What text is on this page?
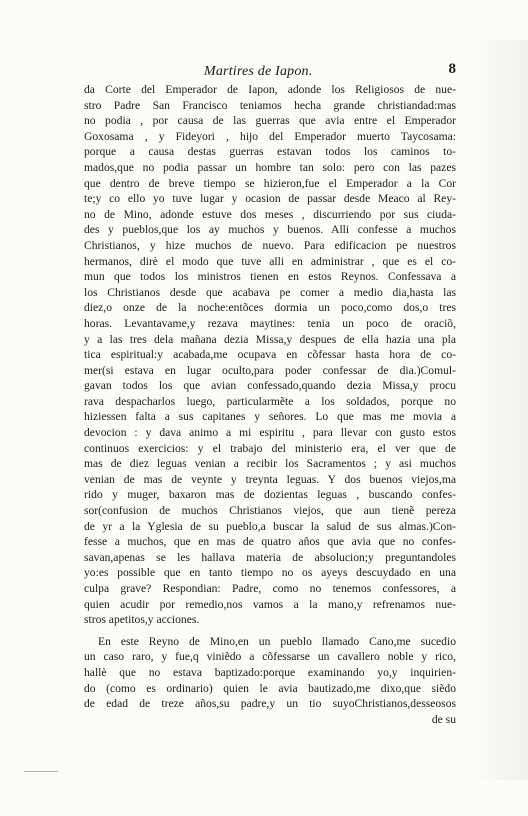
Martires de Iapon.	8
da Corte del Emperador de Iapon, adonde los Religiosos de nue-
stro Padre San Francisco teniamos hecha grande christiandad:mas
no podia , por causa de las guerras que avia entre el Emperador
Goxosama , y Fideyori , hijo del Emperador muerto Taycosama:
porque a causa destas guerras estavan todos los caminos to-
mados,que no podia passar un hombre tan solo: pero con las pazes
que dentro de breve tiempo se hizieron,fue el Emperador a la Cor
te;y co ello yo tuve lugar y ocasion de passar desde Meaco al Rey-
no de Mino, adonde estuve dos meses , discurriendo por sus ciuda-
des y pueblos,que los ay muchos y buenos. Alli confesse a muchos
Christianos, y hize muchos de nuevo. Para edificacion pe nuestros
hermanos, dirè el modo que tuve alli en administrar , que es el co-
mun que todos los ministros tienen en estos Reynos. Confessava a
los Christianos desde que acabava pe comer a medio dia,hasta las
diez,o onze de la noche:entõces dormia un poco,como dos,o tres
horas. Levantavame,y rezava maytines: tenia un poco de oraciõ,
y a las tres dela mañana dezia Missa,y despues de ella hazia una pla
tica espiritual:y acabada,me ocupava en cõfessar hasta hora de co-
mer(si estava en lugar oculto,para poder confessar de dia.)Comul-
gavan todos los que avian confessado,quando dezia Missa,y procu
rava despacharlos luego, particularmẽte a los soldados, porque no
hiziessen falta a sus capitanes y señores. Lo que mas me movia a
devocion : y dava animo a mi espiritu , para llevar con gusto estos
continuos exercicios: y el trabajo del ministerio era, el ver que de
mas de diez leguas venian a recibir los Sacramentos ; y asi muchos
venian de mas de veynte y treynta leguas. Y dos buenos viejos,ma
rido y muger, baxaron mas de dozientas leguas , buscando confes-
sor(confusion de muchos Christianos viejos, que aun tienẽ pereza
de yr a la Yglesia de su pueblo,a buscar la salud de sus almas.)Con-
fesse a muchos, que en mas de quatro años que avia que no confes-
savan,apenas se les hallava materia de absolucion;y preguntandoles
yo:es possible que en tanto tiempo no os ayeys descuydado en una
culpa grave? Respondian: Padre, como no tenemos confessores, a
quien acudir por remedio,nos vamos a la mano,y refrenamos nue-
stros apetitos,y acciones.
En este Reyno de Mino,en un pueblo llamado Cano,me sucedio
un caso raro, y fue,q viniẽdo a cõfessarse un cavallero noble y rico,
hallè que no estava baptizado:porque examinando yo,y inquirien-
do (como es ordinario) quien le avia bautizado,me dixo,que siẽdo
de edad de treze años,su padre,y un tio suyoChristianos,desseosos
de su
